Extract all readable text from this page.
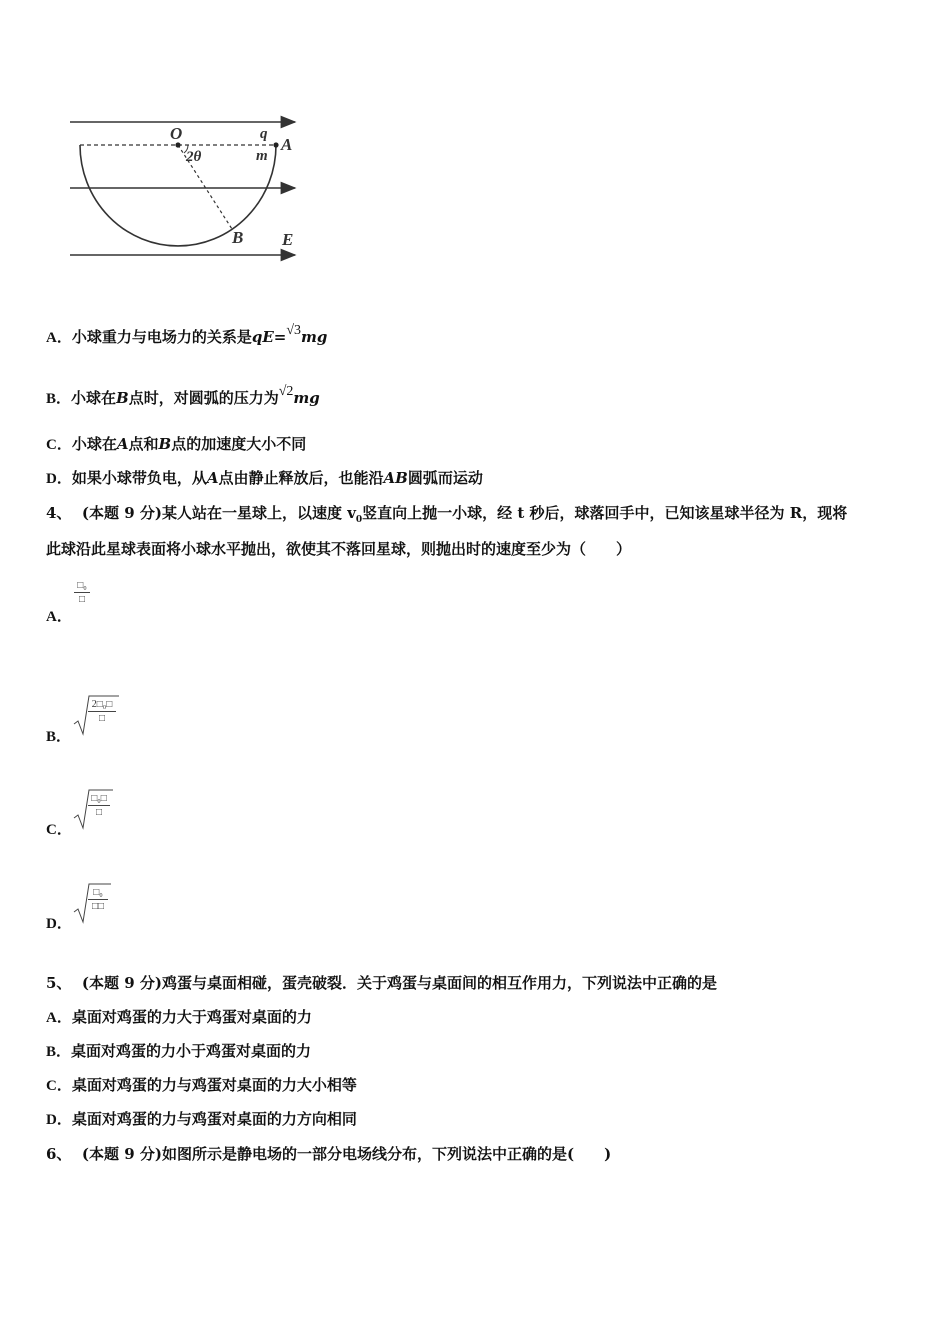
O	q
m
A
2θ
B E
A．小球重力与电场力的关系是qE=√3mg
B．小球在B点时，对圆弧的压力为√2mg
C．小球在A点和B点的加速度大小不同
D．如果小球带负电，从A点由静止释放后，也能沿AB圆弧而运动
4、 (本题 9 分)某人站在一星球上，以速度 $v_0$竖直向上抛一小球，经 t 秒后，球落回手中，已知该星球半径为 R，现将
此球沿此星球表面将小球水平抛出，欲使其不落回星球，则抛出时的速度至少为（　　）
A．
□₀
□
B．
2□₀□
□
C．
□₀□
□
D．
□₀
□□
5、 (本题 9 分)鸡蛋与桌面相碰，蛋壳破裂．关于鸡蛋与桌面间的相互作用力，下列说法中正确的是
A．桌面对鸡蛋的力大于鸡蛋对桌面的力
B．桌面对鸡蛋的力小于鸡蛋对桌面的力
C．桌面对鸡蛋的力与鸡蛋对桌面的力大小相等
D．桌面对鸡蛋的力与鸡蛋对桌面的力方向相同
6、 (本题 9 分)如图所示是静电场的一部分电场线分布，下列说法中正确的是(　　)
